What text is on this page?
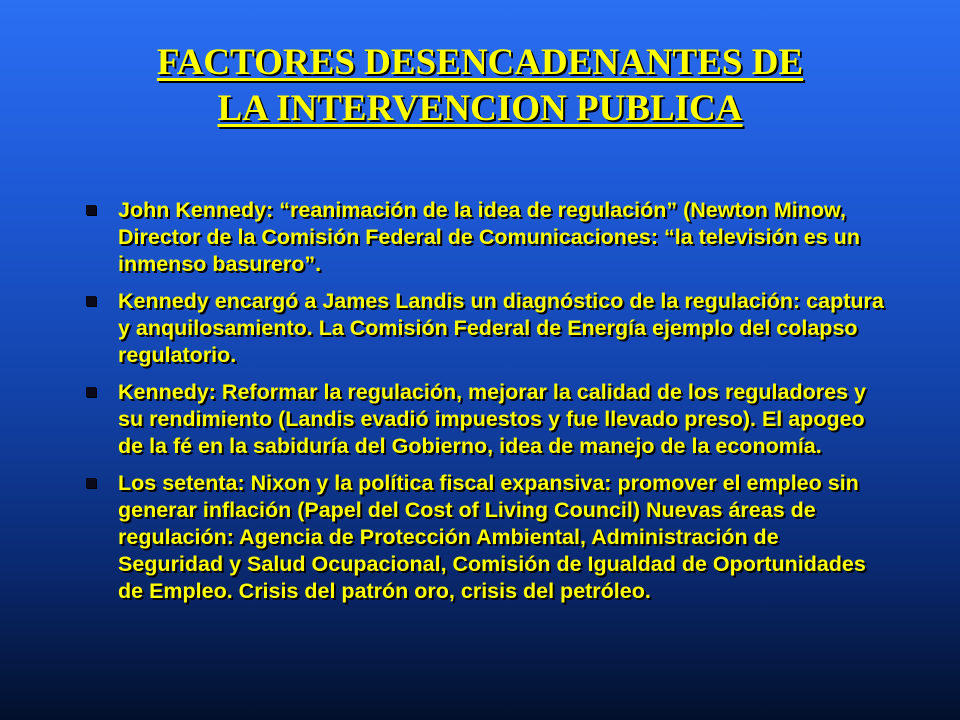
FACTORES DESENCADENANTES DE
LA INTERVENCION PUBLICA
John Kennedy: “reanimación de la idea de regulación” (Newton Minow, Director de la Comisión Federal de Comunicaciones: “la televisión es un inmenso basurero”.
Kennedy encargó a James Landis un diagnóstico de la regulación: captura y anquilosamiento. La Comisión Federal de Energía ejemplo del colapso regulatorio.
Kennedy: Reformar la regulación, mejorar la calidad de los reguladores y su rendimiento (Landis evadió impuestos y fue llevado preso). El apogeo de la fé en la sabiduría del Gobierno, idea de manejo de la economía.
Los setenta: Nixon y la política fiscal expansiva: promover el empleo sin generar inflación (Papel del Cost of Living Council) Nuevas áreas de regulación: Agencia de Protección Ambiental, Administración de Seguridad y Salud Ocupacional, Comisión de Igualdad de Oportunidades de Empleo. Crisis del patrón oro, crisis del petróleo.
